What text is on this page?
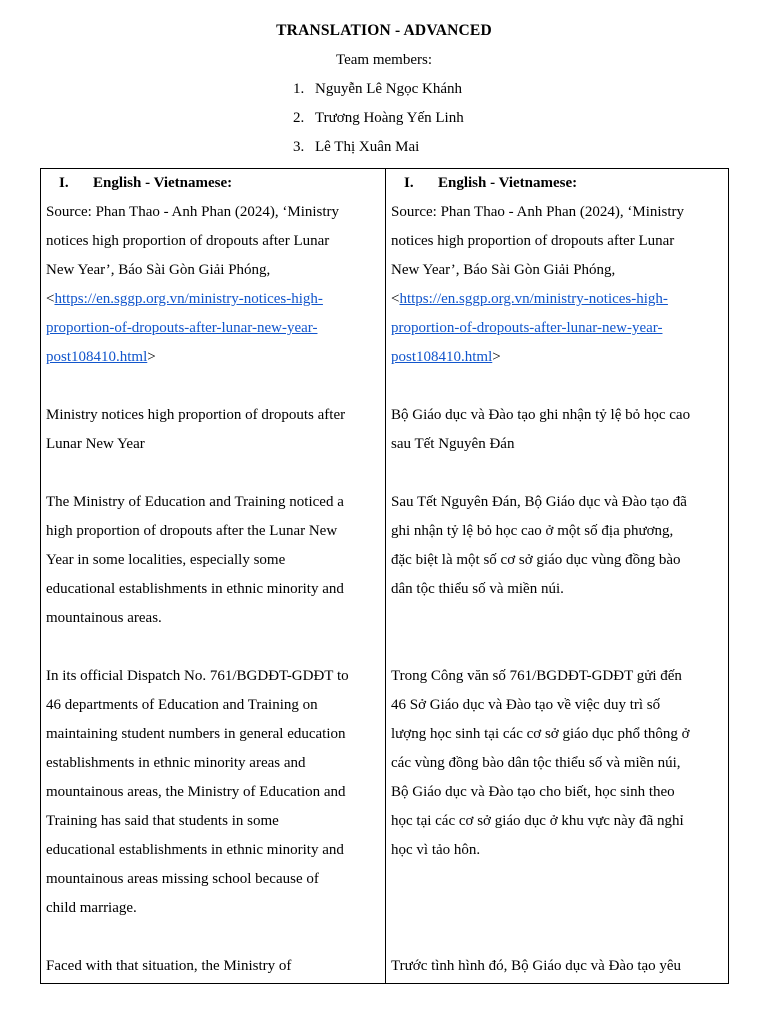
TRANSLATION - ADVANCED
Team members:
1. Nguyễn Lê Ngọc Khánh
2. Trương Hoàng Yến Linh
3. Lê Thị Xuân Mai
I. English - Vietnamese:
Source: Phan Thao - Anh Phan (2024), ‘Ministry
notices high proportion of dropouts after Lunar
New Year’, Báo Sài Gòn Giải Phóng,
<https://en.sggp.org.vn/ministry-notices-high-
proportion-of-dropouts-after-lunar-new-year-
post108410.html>
Ministry notices high proportion of dropouts after
Lunar New Year
The Ministry of Education and Training noticed a
high proportion of dropouts after the Lunar New
Year in some localities, especially some
educational establishments in ethnic minority and
mountainous areas.
In its official Dispatch No. 761/BGDĐT-GDĐT to
46 departments of Education and Training on
maintaining student numbers in general education
establishments in ethnic minority areas and
mountainous areas, the Ministry of Education and
Training has said that students in some
educational establishments in ethnic minority and
mountainous areas missing school because of
child marriage.
Faced with that situation, the Ministry of
I. English - Vietnamese:
Source: Phan Thao - Anh Phan (2024), ‘Ministry
notices high proportion of dropouts after Lunar
New Year’, Báo Sài Gòn Giải Phóng,
<https://en.sggp.org.vn/ministry-notices-high-
proportion-of-dropouts-after-lunar-new-year-
post108410.html>
Bộ Giáo dục và Đào tạo ghi nhận tỷ lệ bỏ học cao
sau Tết Nguyên Đán
Sau Tết Nguyên Đán, Bộ Giáo dục và Đào tạo đã
ghi nhận tỷ lệ bỏ học cao ở một số địa phương,
đặc biệt là một số cơ sở giáo dục vùng đồng bào
dân tộc thiểu số và miền núi.
Trong Công văn số 761/BGDĐT-GDĐT gửi đến
46 Sở Giáo dục và Đào tạo về việc duy trì số
lượng học sinh tại các cơ sở giáo dục phổ thông ở
các vùng đồng bào dân tộc thiểu số và miền núi,
Bộ Giáo dục và Đào tạo cho biết, học sinh theo
học tại các cơ sở giáo dục ở khu vực này đã nghỉ
học vì tảo hôn.
Trước tình hình đó, Bộ Giáo dục và Đào tạo yêu
